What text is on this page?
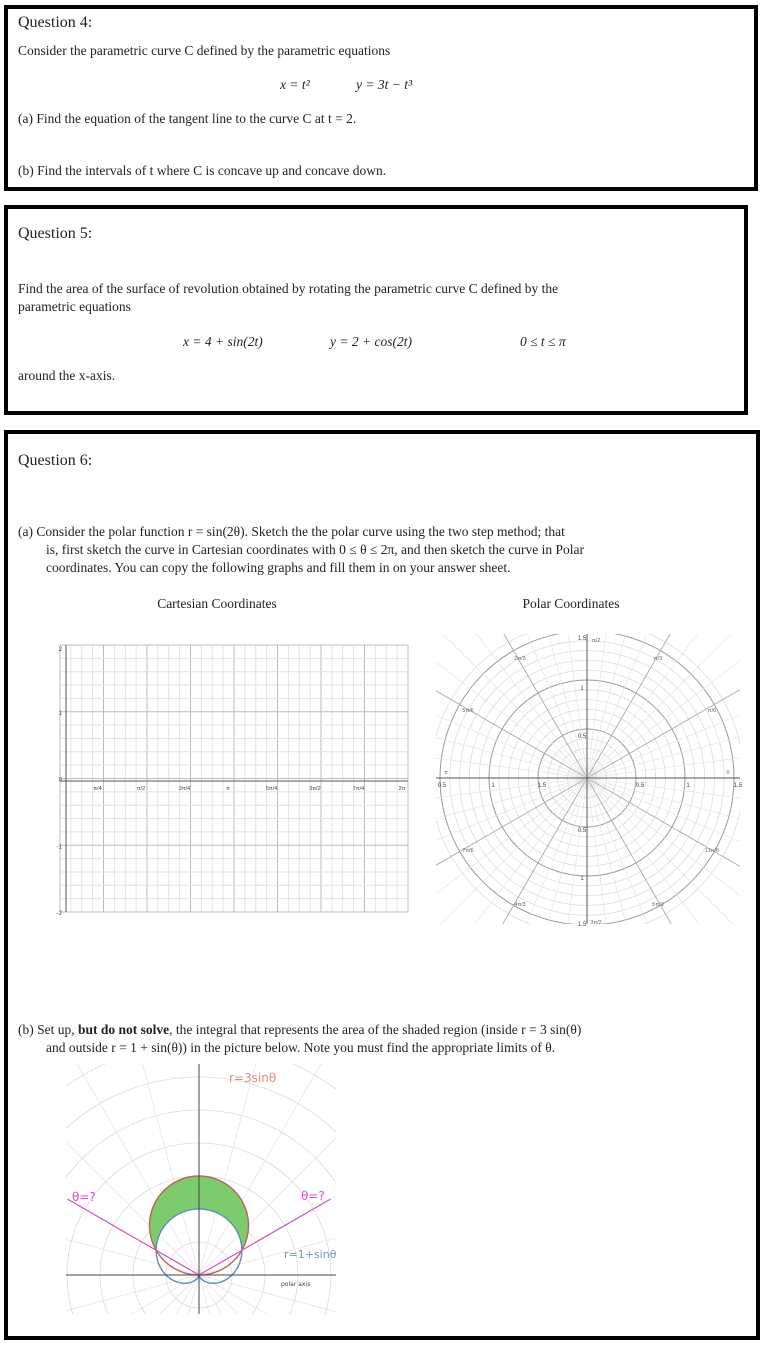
Question 4:
Consider the parametric curve C defined by the parametric equations
x = t²	y = 3t − t³
(a) Find the equation of the tangent line to the curve C at t = 2.
(b) Find the intervals of t where C is concave up and concave down.
Question 5:
Find the area of the surface of revolution obtained by rotating the parametric curve C defined by the
parametric equations
x = 4 + sin(2t)	y = 2 + cos(2t)	0 ≤ t ≤ π
around the x-axis.
Question 6:
(a) Consider the polar function r = sin(2θ). Sketch the the polar curve using the two step method; that
is, first sketch the curve in Cartesian coordinates with 0 ≤ θ ≤ 2π, and then sketch the curve in Polar
coordinates. You can copy the following graphs and fill them in on your answer sheet.
Cartesian Coordinates	Polar Coordinates
2
1
0
-1
-2
π/4	π/2	3π/4	π	5π/4	3π/2	7π/4	2π
π/2
π/3
2π/3
π/6
5π/6
0
π
7π/6	11π/6
4π/3	5π/3
3π/2
1.5
1
0.5
0.5	1	1.5	1.5
1
0.5
0.5
1
1.5
(b) Set up, but do not solve, the integral that represents the area of the shaded region (inside r = 3 sin(θ)
and outside r = 1 + sin(θ)) in the picture below. Note you must find the appropriate limits of θ.
r=3sinθ
r=1+sinθ
θ=?	θ=?
polar axis
